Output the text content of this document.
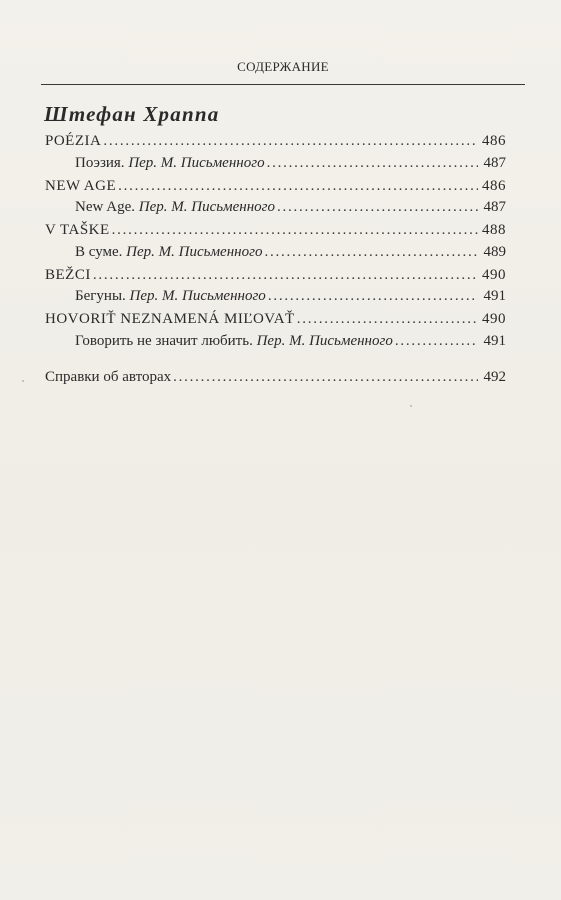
СОДЕРЖАНИЕ
Штефан Храппа
POÉZIA . . .	486
Поэзия. Пер. М. Письменного . . .	487
NEW AGE . . .	486
New Age. Пер. М. Письменного . . .	487
V TAŠKE . . .	488
В суме. Пер. М. Письменного . . .	489
BEŽCI . . .	490
Бегуны. Пер. М. Письменного . . .	491
HOVORIŤ NEZNAMENÁ MIĽOVAŤ . . .	490
Говорить не значит любить. Пер. М. Письменного . . .	491
Справки об авторах . . .	492
